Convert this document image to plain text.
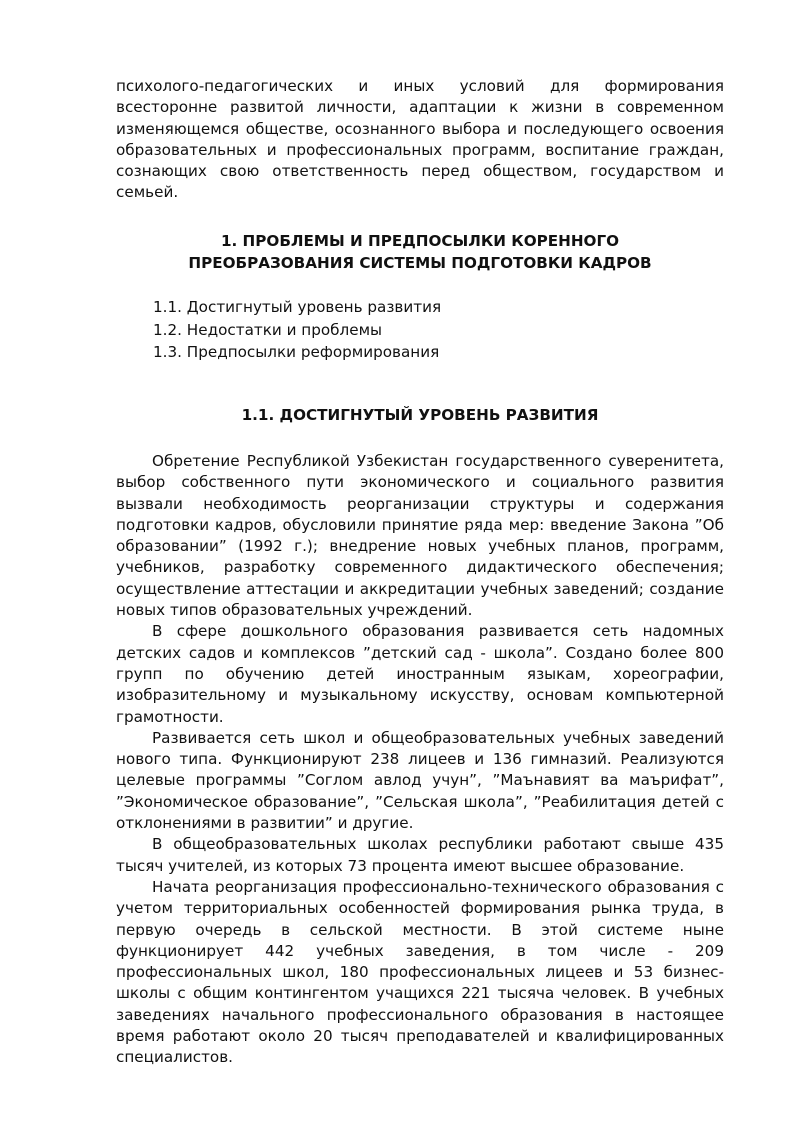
психолого-педагогических и иных условий для формирования всесторонне развитой личности, адаптации к жизни в современном изменяющемся обществе, осознанного выбора и последующего освоения образовательных и профессиональных программ, воспитание граждан, сознающих свою ответственность перед обществом, государством и семьей.

1. ПРОБЛЕМЫ И ПРЕДПОСЫЛКИ КОРЕННОГО
ПРЕОБРАЗОВАНИЯ СИСТЕМЫ ПОДГОТОВКИ КАДРОВ
1.1. Достигнутый уровень развития
1.2. Недостатки и проблемы
1.3. Предпосылки реформирования
1.1. ДОСТИГНУТЫЙ УРОВЕНЬ РАЗВИТИЯ

Обретение Республикой Узбекистан государственного суверенитета, выбор собственного пути экономического и социального развития вызвали необходимость реорганизации структуры и содержания подготовки кадров, обусловили принятие ряда мер: введение Закона ”Об образовании” (1992 г.); внедрение новых учебных планов, программ, учебников, разработку современного дидактического обеспечения; осуществление аттестации и аккредитации учебных заведений; создание новых типов образовательных учреждений.

В сфере дошкольного образования развивается сеть надомных детских садов и комплексов ”детский сад - школа”. Создано более 800 групп по обучению детей иностранным языкам, хореографии, изобразительному и музыкальному искусству, основам компьютерной грамотности.

Развивается сеть школ и общеобразовательных учебных заведений нового типа. Функционируют 238 лицеев и 136 гимназий. Реализуются целевые программы ”Соглом авлод учун”, ”Маънавият ва маърифат”, ”Экономическое образование”, ”Сельская школа”, ”Реабилитация детей с отклонениями в развитии” и другие.

В общеобразовательных школах республики работают свыше 435 тысяч учителей, из которых 73 процента имеют высшее образование.

Начата реорганизация профессионально-технического образования с учетом территориальных особенностей формирования рынка труда, в первую очередь в сельской местности. В этой системе ныне функционирует 442 учебных заведения, в том числе - 209 профессиональных школ, 180 профессиональных лицеев и 53 бизнес-школы с общим контингентом учащихся 221 тысяча человек. В учебных заведениях начального профессионального образования в настоящее время работают около 20 тысяч преподавателей и квалифицированных специалистов.
